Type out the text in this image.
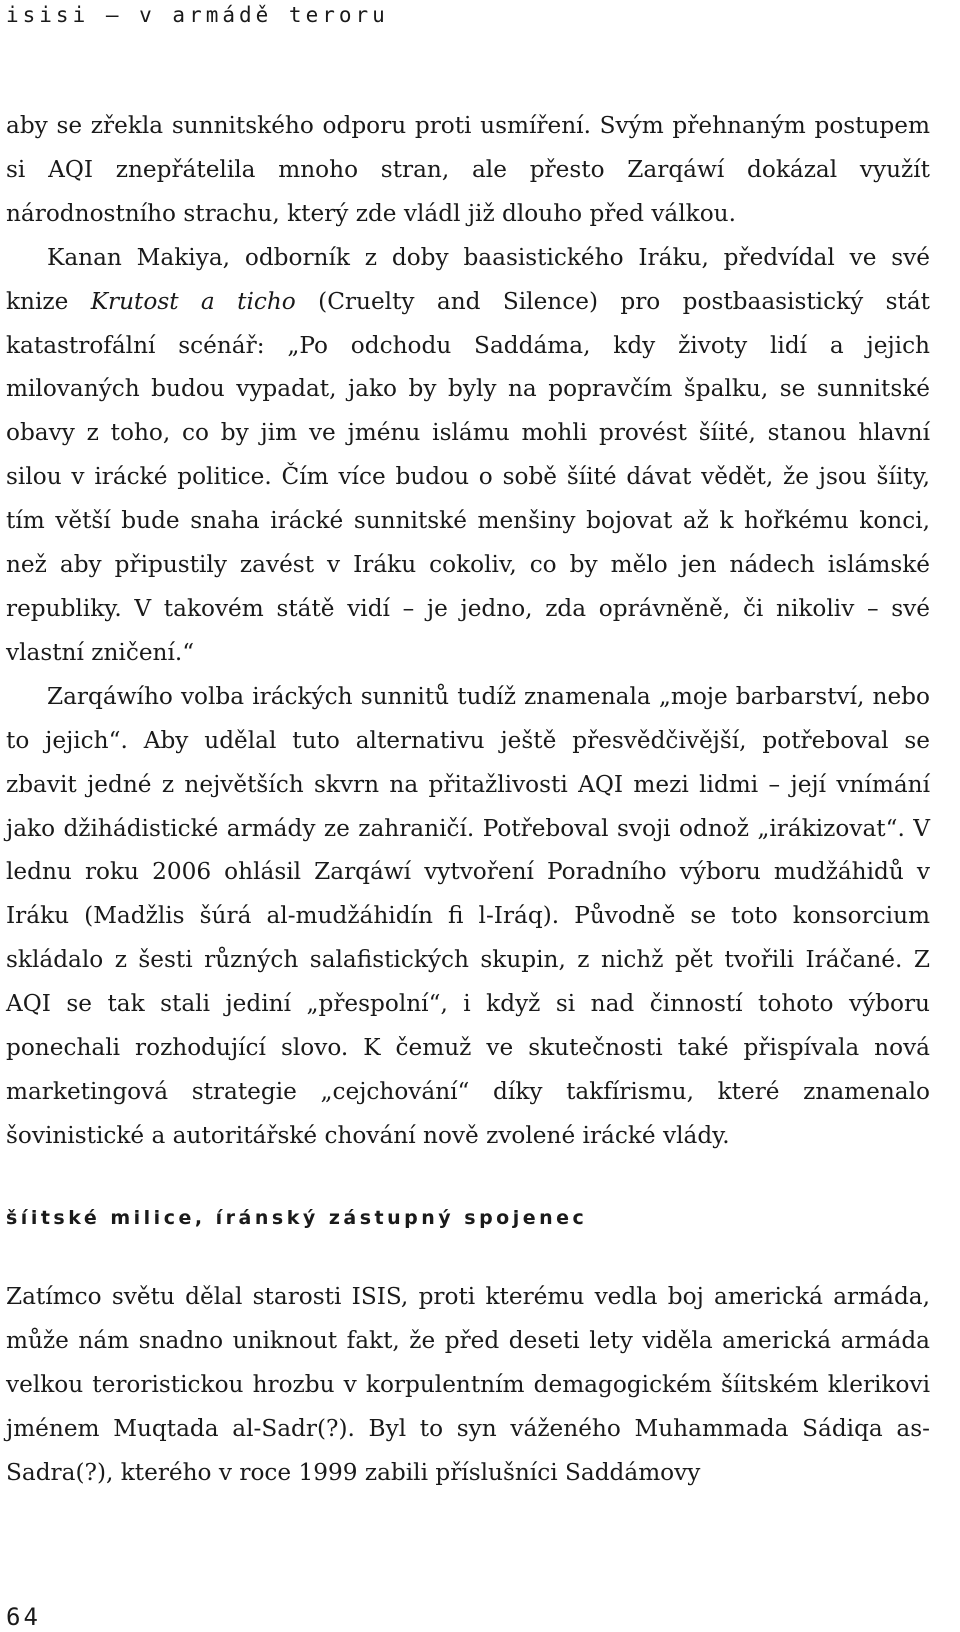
isisi – v armádě teroru

aby se zřekla sunnitského odporu proti usmíření. Svým přehnaným postupem si AQI znepřátelila mnoho stran, ale přesto Zarqáwí dokázal využít národnostního strachu, který zde vládl již dlouho před válkou.

Kanan Makiya, odborník z doby baasistického Iráku, předvídal ve své knize Krutost a ticho (Cruelty and Silence) pro postbaasistický stát katastrofální scénář: „Po odchodu Saddáma, kdy životy lidí a jejich milovaných budou vypadat, jako by byly na popravčím špalku, se sunnitské obavy z toho, co by jim ve jménu islámu mohli provést šíité, stanou hlavní silou v irácké politice. Čím více budou o sobě šíité dávat vědět, že jsou šíity, tím větší bude snaha irácké sunnitské menšiny bojovat až k hořkému konci, než aby připustily zavést v Iráku cokoliv, co by mělo jen nádech islámské republiky. V takovém státě vidí – je jedno, zda oprávněně, či nikoliv – své vlastní zničení.“

Zarqáwího volba iráckých sunnitů tudíž znamenala „moje barbarství, nebo to jejich“. Aby udělal tuto alternativu ještě přesvědčivější, potřeboval se zbavit jedné z největších skvrn na přitažlivosti AQI mezi lidmi – její vnímání jako džihádistické armády ze zahraničí. Potřeboval svoji odnož „irákizovat“. V lednu roku 2006 ohlásil Zarqáwí vytvoření Poradního výboru mudžáhidů v Iráku (Madžlis šúrá al-mudžáhidín fi l-Iráq). Původně se toto konsorcium skládalo z šesti různých salafistických skupin, z nichž pět tvořili Iráčané. Z AQI se tak stali jediní „přespolní“, i když si nad činností tohoto výboru ponechali rozhodující slovo. K čemuž ve skutečnosti také přispívala nová marketingová strategie „cejchování“ díky takfírismu, které znamenalo šovinistické a autoritářské chování nově zvolené irácké vlády.

šíitské milice, íránský zástupný spojenec

Zatímco světu dělal starosti ISIS, proti kterému vedla boj americká armáda, může nám snadno uniknout fakt, že před deseti lety viděla americká armáda velkou teroristickou hrozbu v korpulentním demagogickém šíitském klerikovi jménem Muqtada al-Sadr(?). Byl to syn váženého Muhammada Sádiqa as-Sadra(?), kterého v roce 1999 zabili příslušníci Saddámovy

64
